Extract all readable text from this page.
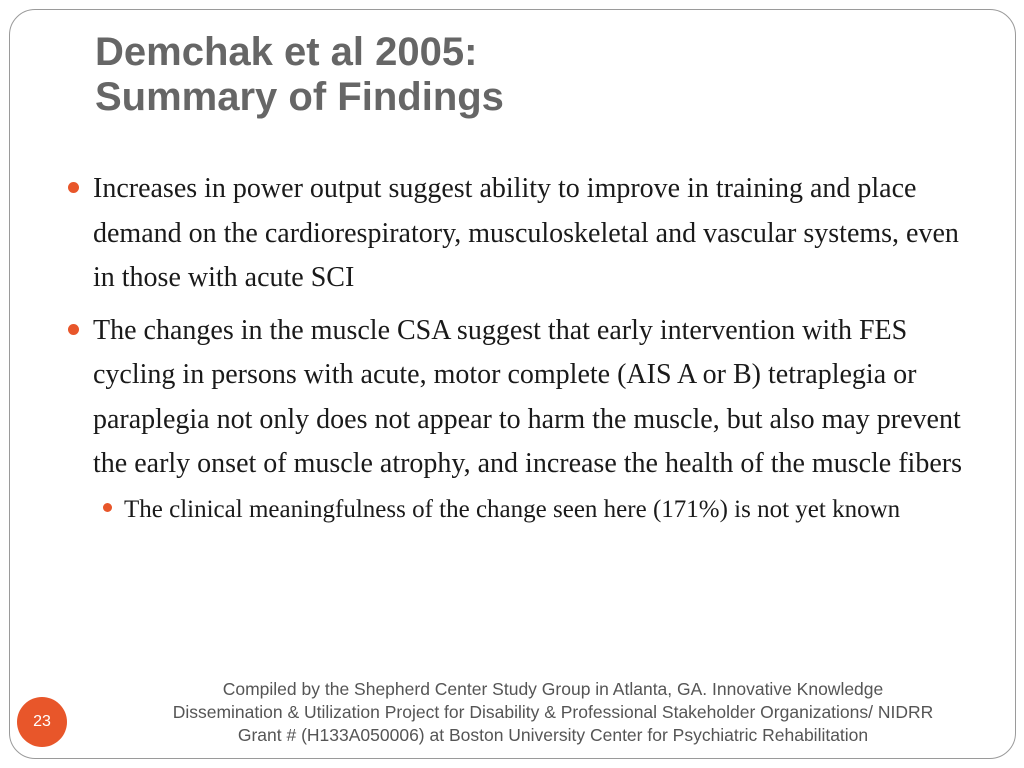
Demchak et al 2005:
Summary of Findings
Increases in power output suggest ability to improve in training and place demand on the cardiorespiratory, musculoskeletal and vascular systems, even in those with acute SCI
The changes in the muscle CSA suggest that early intervention with FES cycling in persons with acute, motor complete (AIS A or B) tetraplegia or paraplegia not only does not appear to harm the muscle, but also may prevent the early onset of muscle atrophy, and increase the health of the muscle fibers
The clinical meaningfulness of the change seen here (171%) is not yet known
Compiled by the Shepherd Center Study Group in Atlanta, GA. Innovative Knowledge
Dissemination & Utilization Project for Disability & Professional Stakeholder Organizations/ NIDRR
Grant # (H133A050006) at Boston University Center for Psychiatric Rehabilitation
23
